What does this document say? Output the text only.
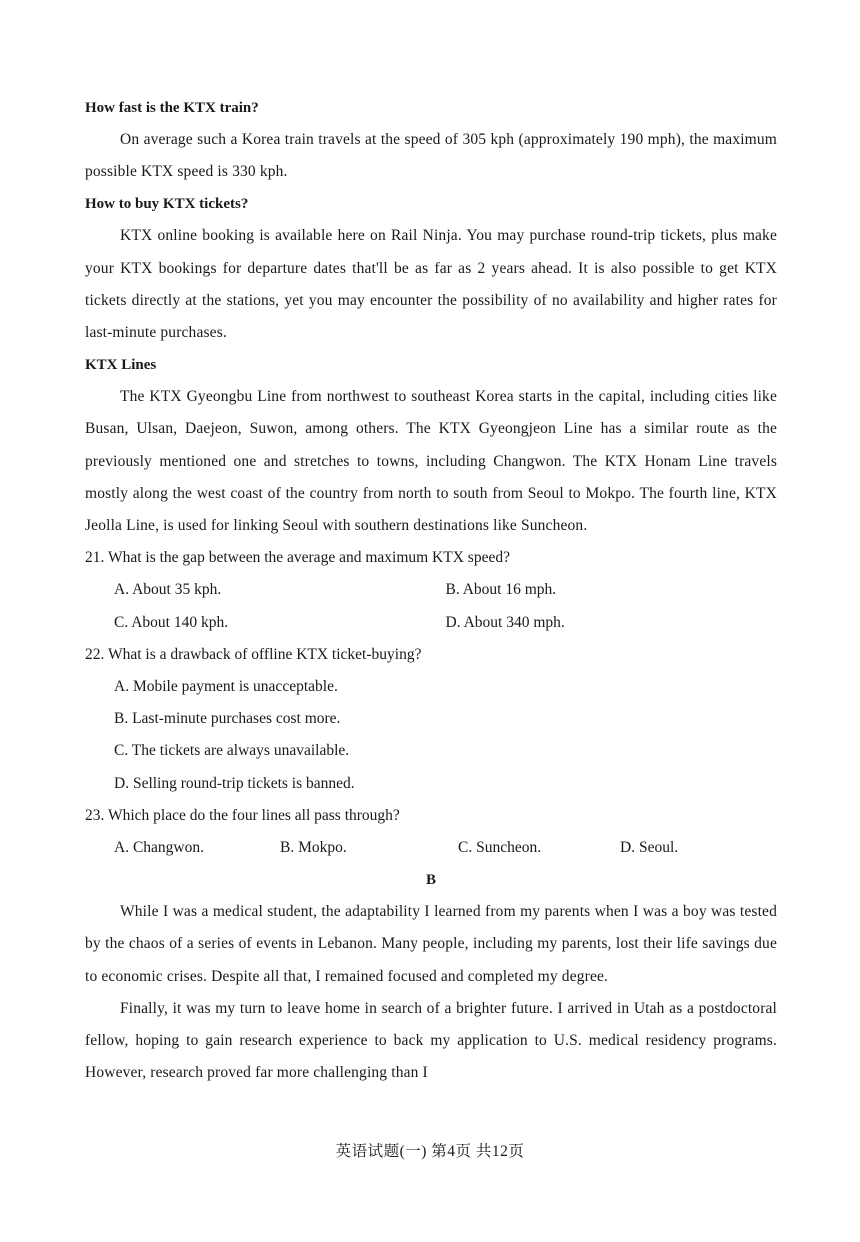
How fast is the KTX train?

On average such a Korea train travels at the speed of 305 kph (approximately 190 mph), the maximum possible KTX speed is 330 kph.

How to buy KTX tickets?

KTX online booking is available here on Rail Ninja. You may purchase round-trip tickets, plus make your KTX bookings for departure dates that'll be as far as 2 years ahead. It is also possible to get KTX tickets directly at the stations, yet you may encounter the possibility of no availability and higher rates for last-minute purchases.

KTX Lines

The KTX Gyeongbu Line from northwest to southeast Korea starts in the capital, including cities like Busan, Ulsan, Daejeon, Suwon, among others. The KTX Gyeongjeon Line has a similar route as the previously mentioned one and stretches to towns, including Changwon. The KTX Honam Line travels mostly along the west coast of the country from north to south from Seoul to Mokpo. The fourth line, KTX Jeolla Line, is used for linking Seoul with southern destinations like Suncheon.

21. What is the gap between the average and maximum KTX speed?

A. About 35 kph.	B. About 16 mph.
C. About 140 kph.	D. About 340 mph.

22. What is a drawback of offline KTX ticket-buying?

A. Mobile payment is unacceptable.
B. Last-minute purchases cost more.
C. The tickets are always unavailable.
D. Selling round-trip tickets is banned.

23. Which place do the four lines all pass through?

A. Changwon.	B. Mokpo.	C. Suncheon.	D. Seoul.

B

While I was a medical student, the adaptability I learned from my parents when I was a boy was tested by the chaos of a series of events in Lebanon. Many people, including my parents, lost their life savings due to economic crises. Despite all that, I remained focused and completed my degree.

Finally, it was my turn to leave home in search of a brighter future. I arrived in Utah as a postdoctoral fellow, hoping to gain research experience to back my application to U.S. medical residency programs. However, research proved far more challenging than I

英语试题(一) 第4页 共12页
